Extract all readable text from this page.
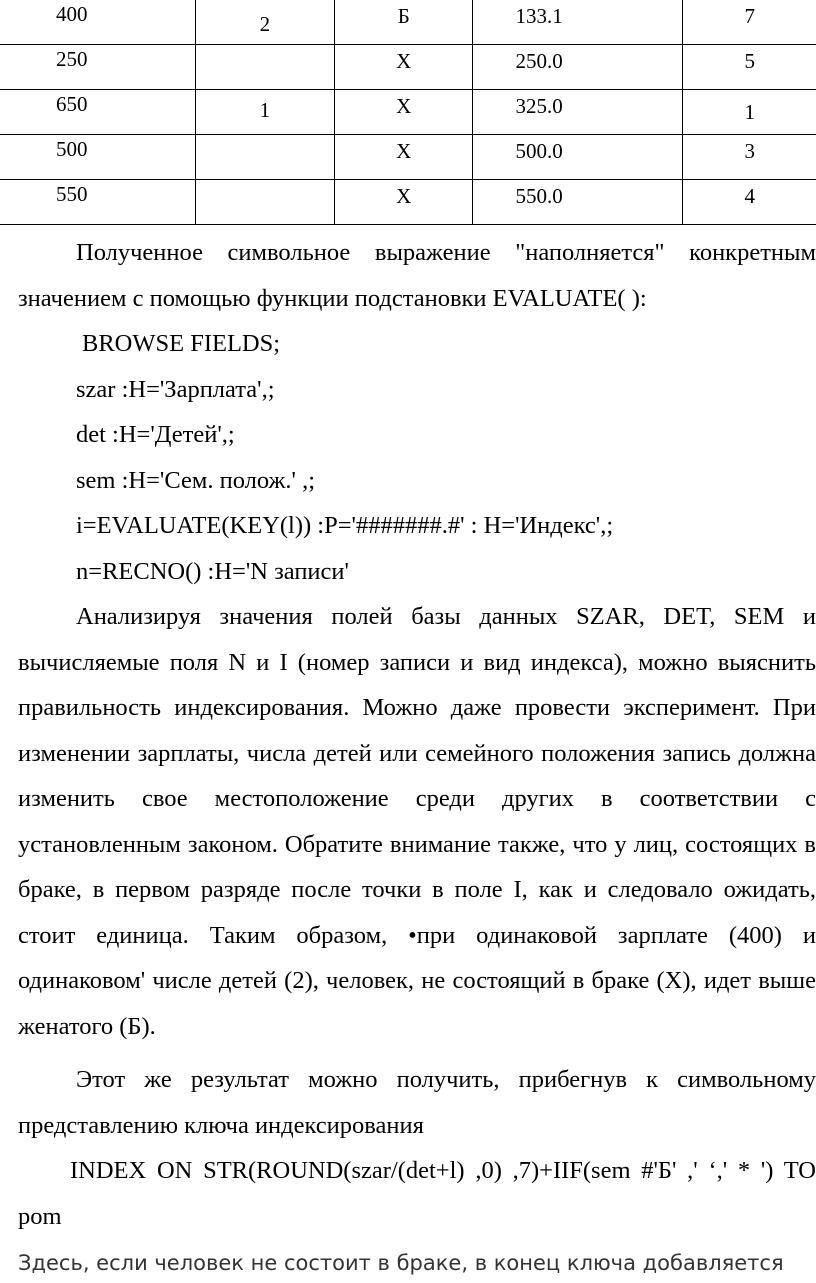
400	2	Б	133.1	7
250		Х	250.0	5
650	1	Х	325.0	1
500		Х	500.0	3
550		Х	550.0	4

Полученное символьное выражение "наполняется" конкретным значением с помощью функции подстановки EVALUATE( ):

BROWSE FIELDS;

szar :Н='Зарплата',;

det :Н='Детей',;

sem :Н='Сем. полож.' ,;

i=EVALUATE(KEY(l)) :Р='#######.#' : Н='Индекс',;

n=RECNO() :Н='N записи'

Анализируя значения полей базы данных SZAR, DET, SEM и вычисляемые поля N и I (номер записи и вид индекса), можно выяснить правильность индексирования. Можно даже провести эксперимент. При изменении зарплаты, числа детей или семейного положения запись должна изменить свое местоположение среди других в соответствии с установленным законом. Обратите внимание также, что у лиц, состоящих в браке, в первом разряде после точки в поле I, как и следовало ожидать, стоит единица. Таким образом, •при одинаковой зарплате (400) и одинаковом' числе детей (2), человек, не состоящий в браке (Х), идет выше женатого (Б).

Этот же результат можно получить, прибегнув к символьному представлению ключа индексирования

INDEX ON STR(ROUND(szar/(det+l) ,0) ,7)+IIF(sem #'Б' ,' ‘,' * ') TO pom

Здесь, если человек не состоит в браке, в конец ключа добавляется
